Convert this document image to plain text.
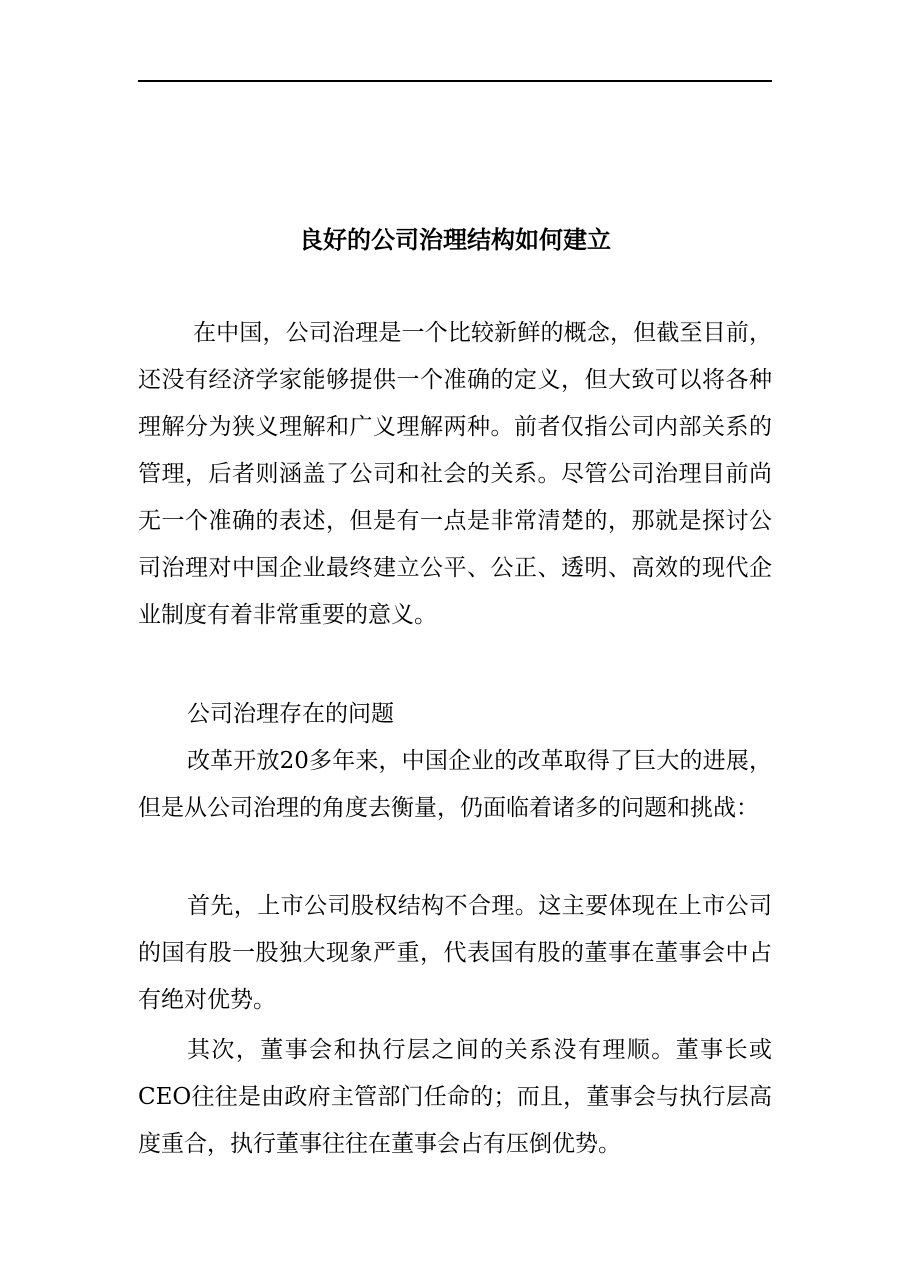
良好的公司治理结构如何建立

在中国，公司治理是一个比较新鲜的概念，但截至目前，还没有经济学家能够提供一个准确的定义，但大致可以将各种理解分为狭义理解和广义理解两种。前者仅指公司内部关系的管理，后者则涵盖了公司和社会的关系。尽管公司治理目前尚无一个准确的表述，但是有一点是非常清楚的，那就是探讨公司治理对中国企业最终建立公平、公正、透明、高效的现代企业制度有着非常重要的意义。

公司治理存在的问题

改革开放20多年来，中国企业的改革取得了巨大的进展，但是从公司治理的角度去衡量，仍面临着诸多的问题和挑战：

首先，上市公司股权结构不合理。这主要体现在上市公司的国有股一股独大现象严重，代表国有股的董事在董事会中占有绝对优势。

其次，董事会和执行层之间的关系没有理顺。董事长或CEO往往是由政府主管部门任命的；而且，董事会与执行层高度重合，执行董事往往在董事会占有压倒优势。
